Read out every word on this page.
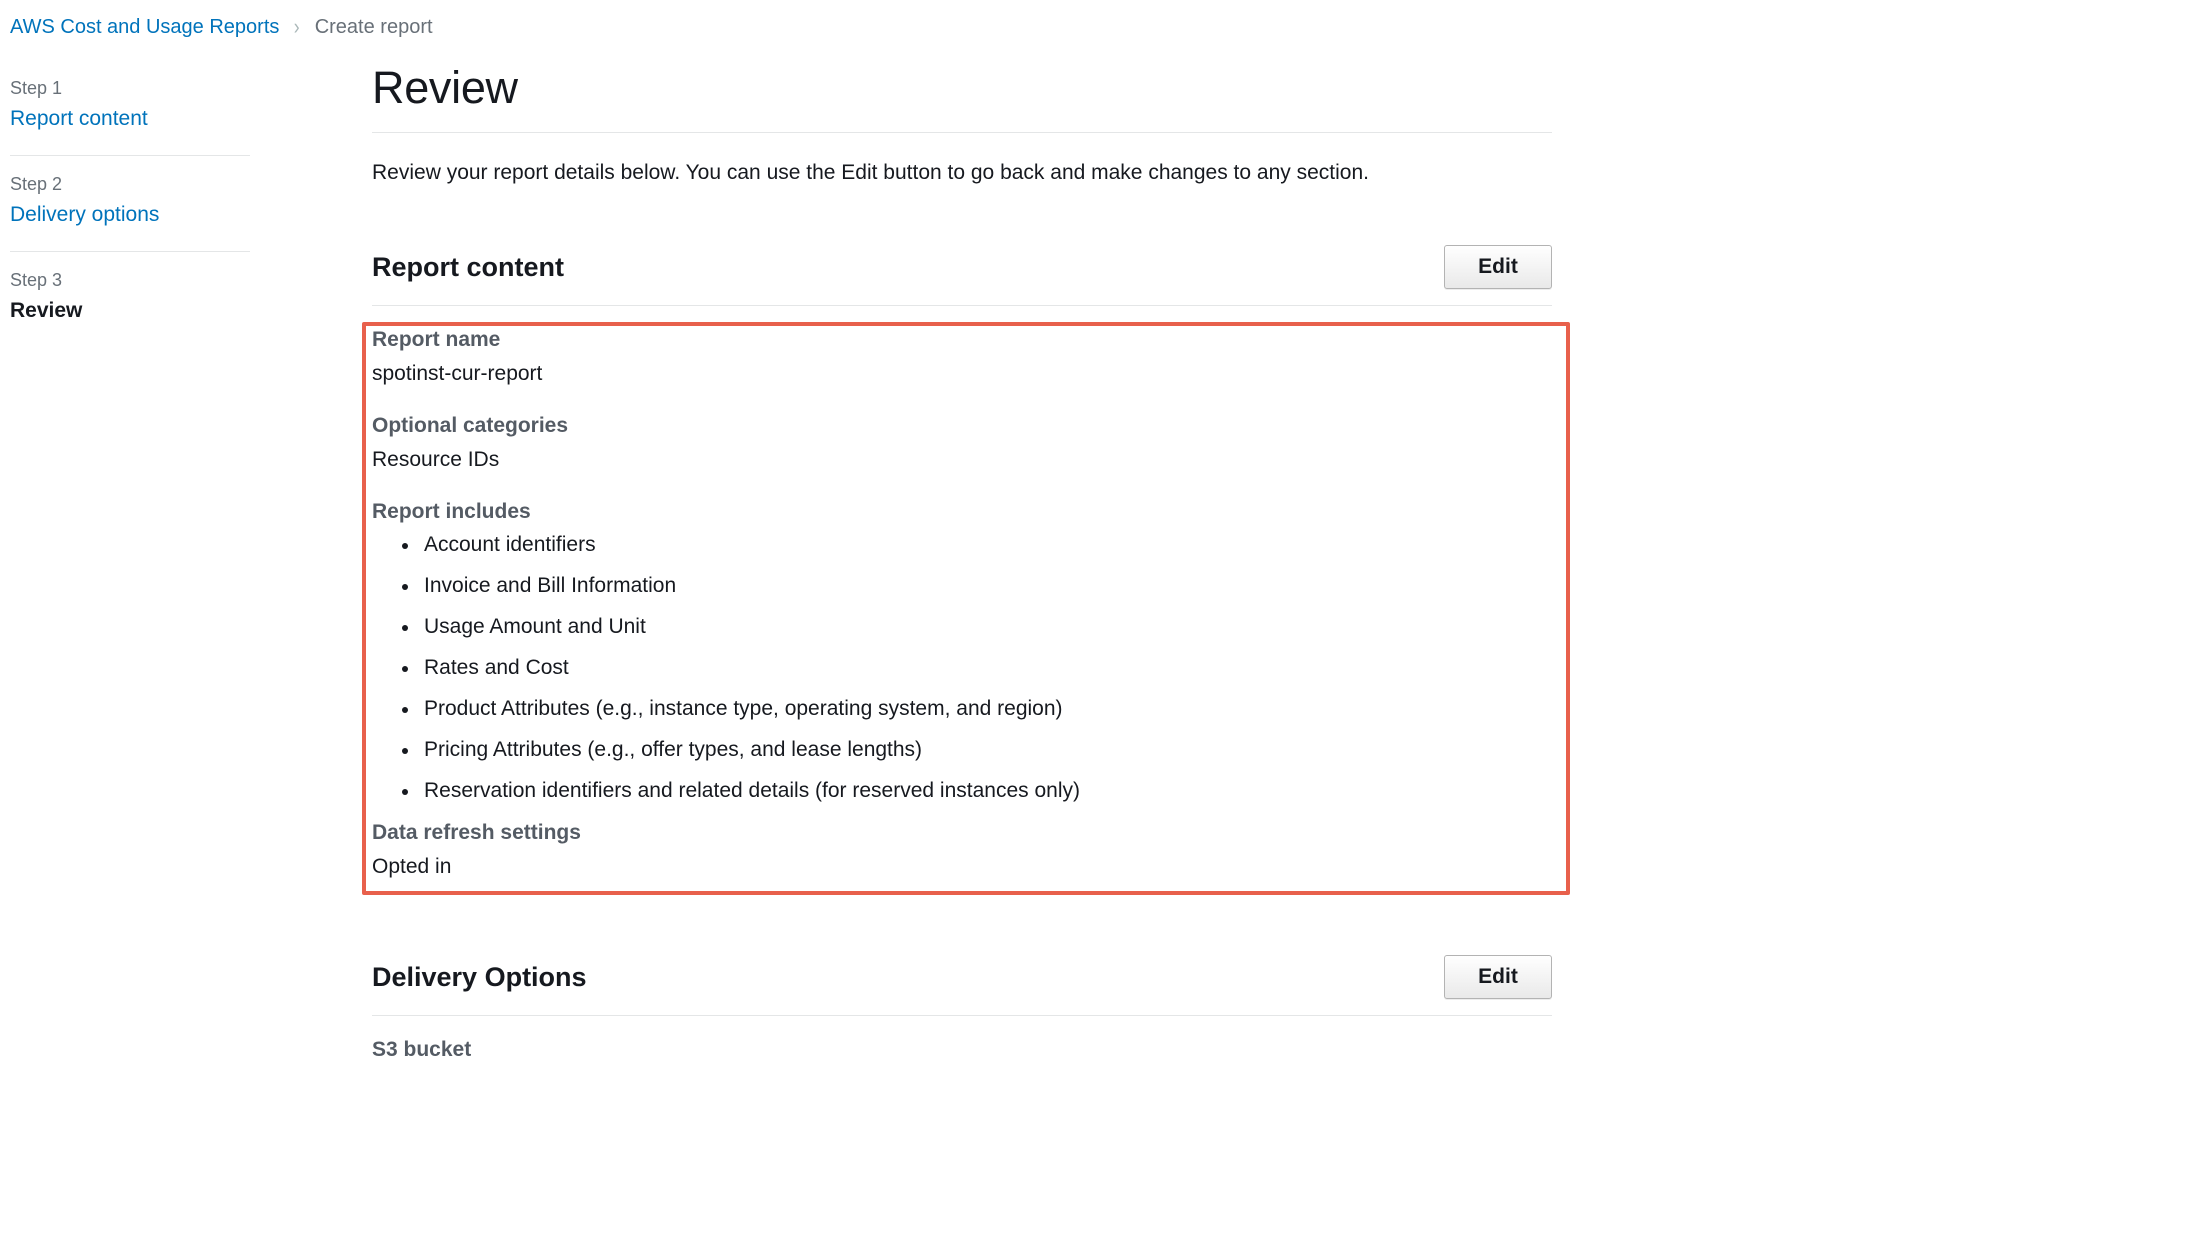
AWS Cost and Usage Reports › Create report
Step 1
Report content
Step 2
Delivery options
Step 3
Review
Review

Review your report details below. You can use the Edit button to go back and make changes to any section.

Report content	Edit
Report name
spotinst-cur-report
Optional categories
Resource IDs
Report includes
Account identifiers
Invoice and Bill Information
Usage Amount and Unit
Rates and Cost
Product Attributes (e.g., instance type, operating system, and region)
Pricing Attributes (e.g., offer types, and lease lengths)
Reservation identifiers and related details (for reserved instances only)
Data refresh settings
Opted in
Delivery Options	Edit
S3 bucket
